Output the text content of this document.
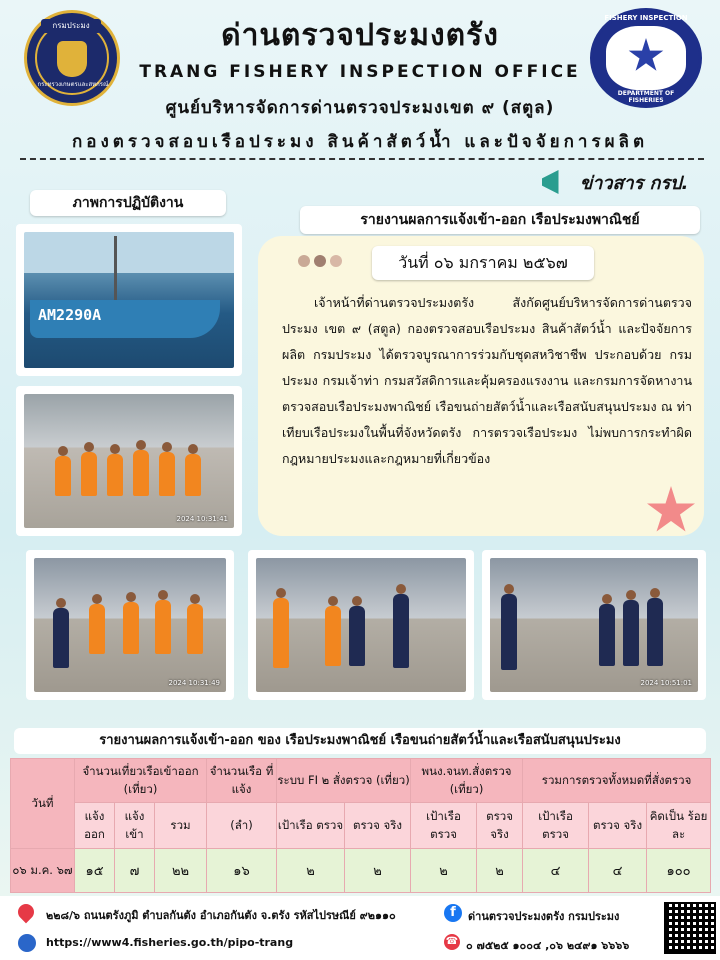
กรมประมง
กระทรวงเกษตรและสหกรณ์
ด่านตรวจประมงตรัง
TRANG FISHERY INSPECTION OFFICE
FISHERY INSPECTION
DEPARTMENT OF FISHERIES
ศูนย์บริหารจัดการด่านตรวจประมงเขต ๙ (สตูล)
กองตรวจสอบเรือประมง สินค้าสัตว์น้ำ และปัจจัยการผลิต
ข่าวสาร กรป.
ภาพการปฏิบัติงาน
รายงานผลการแจ้งเข้า-ออก เรือประมงพาณิชย์
AM2290A
2024 10:31:41
2024 10:31:49	2024 10:51:01
วันที่ ๐๖ มกราคม ๒๕๖๗
เจ้าหน้าที่ด่านตรวจประมงตรัง สังกัดศูนย์บริหารจัดการด่านตรวจประมง เขต ๙ (สตูล) กองตรวจสอบเรือประมง สินค้าสัตว์น้ำ และปัจจัยการผลิต กรมประมง ได้ตรวจบูรณาการร่วมกับชุดสหวิชาชีพ ประกอบด้วย กรมประมง กรมเจ้าท่า กรมสวัสดิการและคุ้มครองแรงงาน และกรมการจัดหางาน ตรวจสอบเรือประมงพาณิชย์ เรือขนถ่ายสัตว์น้ำและเรือสนับสนุนประมง ณ ท่าเทียบเรือประมงในพื้นที่จังหวัดตรัง การตรวจเรือประมง ไม่พบการกระทำผิดกฎหมายประมงและกฎหมายที่เกี่ยวข้อง
รายงานผลการแจ้งเข้า-ออก ของ เรือประมงพาณิชย์ เรือขนถ่ายสัตว์น้ำและเรือสนับสนุนประมง
วันที่	จำนวนเที่ยวเรือเข้าออก (เที่ยว)			จำนวนเรือ ที่แจ้ง	ระบบ FI ๒ สั่งตรวจ (เที่ยว)		พนง.จนท.สั่งตรวจ (เที่ยว)		รวมการตรวจทั้งหมดที่สั่งตรวจ		
	แจ้ง ออก	แจ้ง เข้า	รวม	(ลำ)	เป้าเรือ ตรวจ	ตรวจ จริง	เป้าเรือ ตรวจ	ตรวจ จริง	เป้าเรือ ตรวจ	ตรวจ จริง	คิดเป็น ร้อยละ
๐๖ ม.ค. ๖๗	๑๕	๗	๒๒	๑๖	๒	๒	๒	๒	๔	๔	๑๐๐
๒๒๘/๖ ถนนตรังภูมิ ตำบลกันตัง อำเภอกันตัง จ.ตรัง รหัสไปรษณีย์ ๙๒๑๑๐	f	ด่านตรวจประมงตรัง กรมประมง
https://www4.fisheries.go.th/pipo-trang	☎ ๐ ๗๕๒๕ ๑๐๐๔ ,๐๖ ๒๔๙๑ ๖๖๖๖
